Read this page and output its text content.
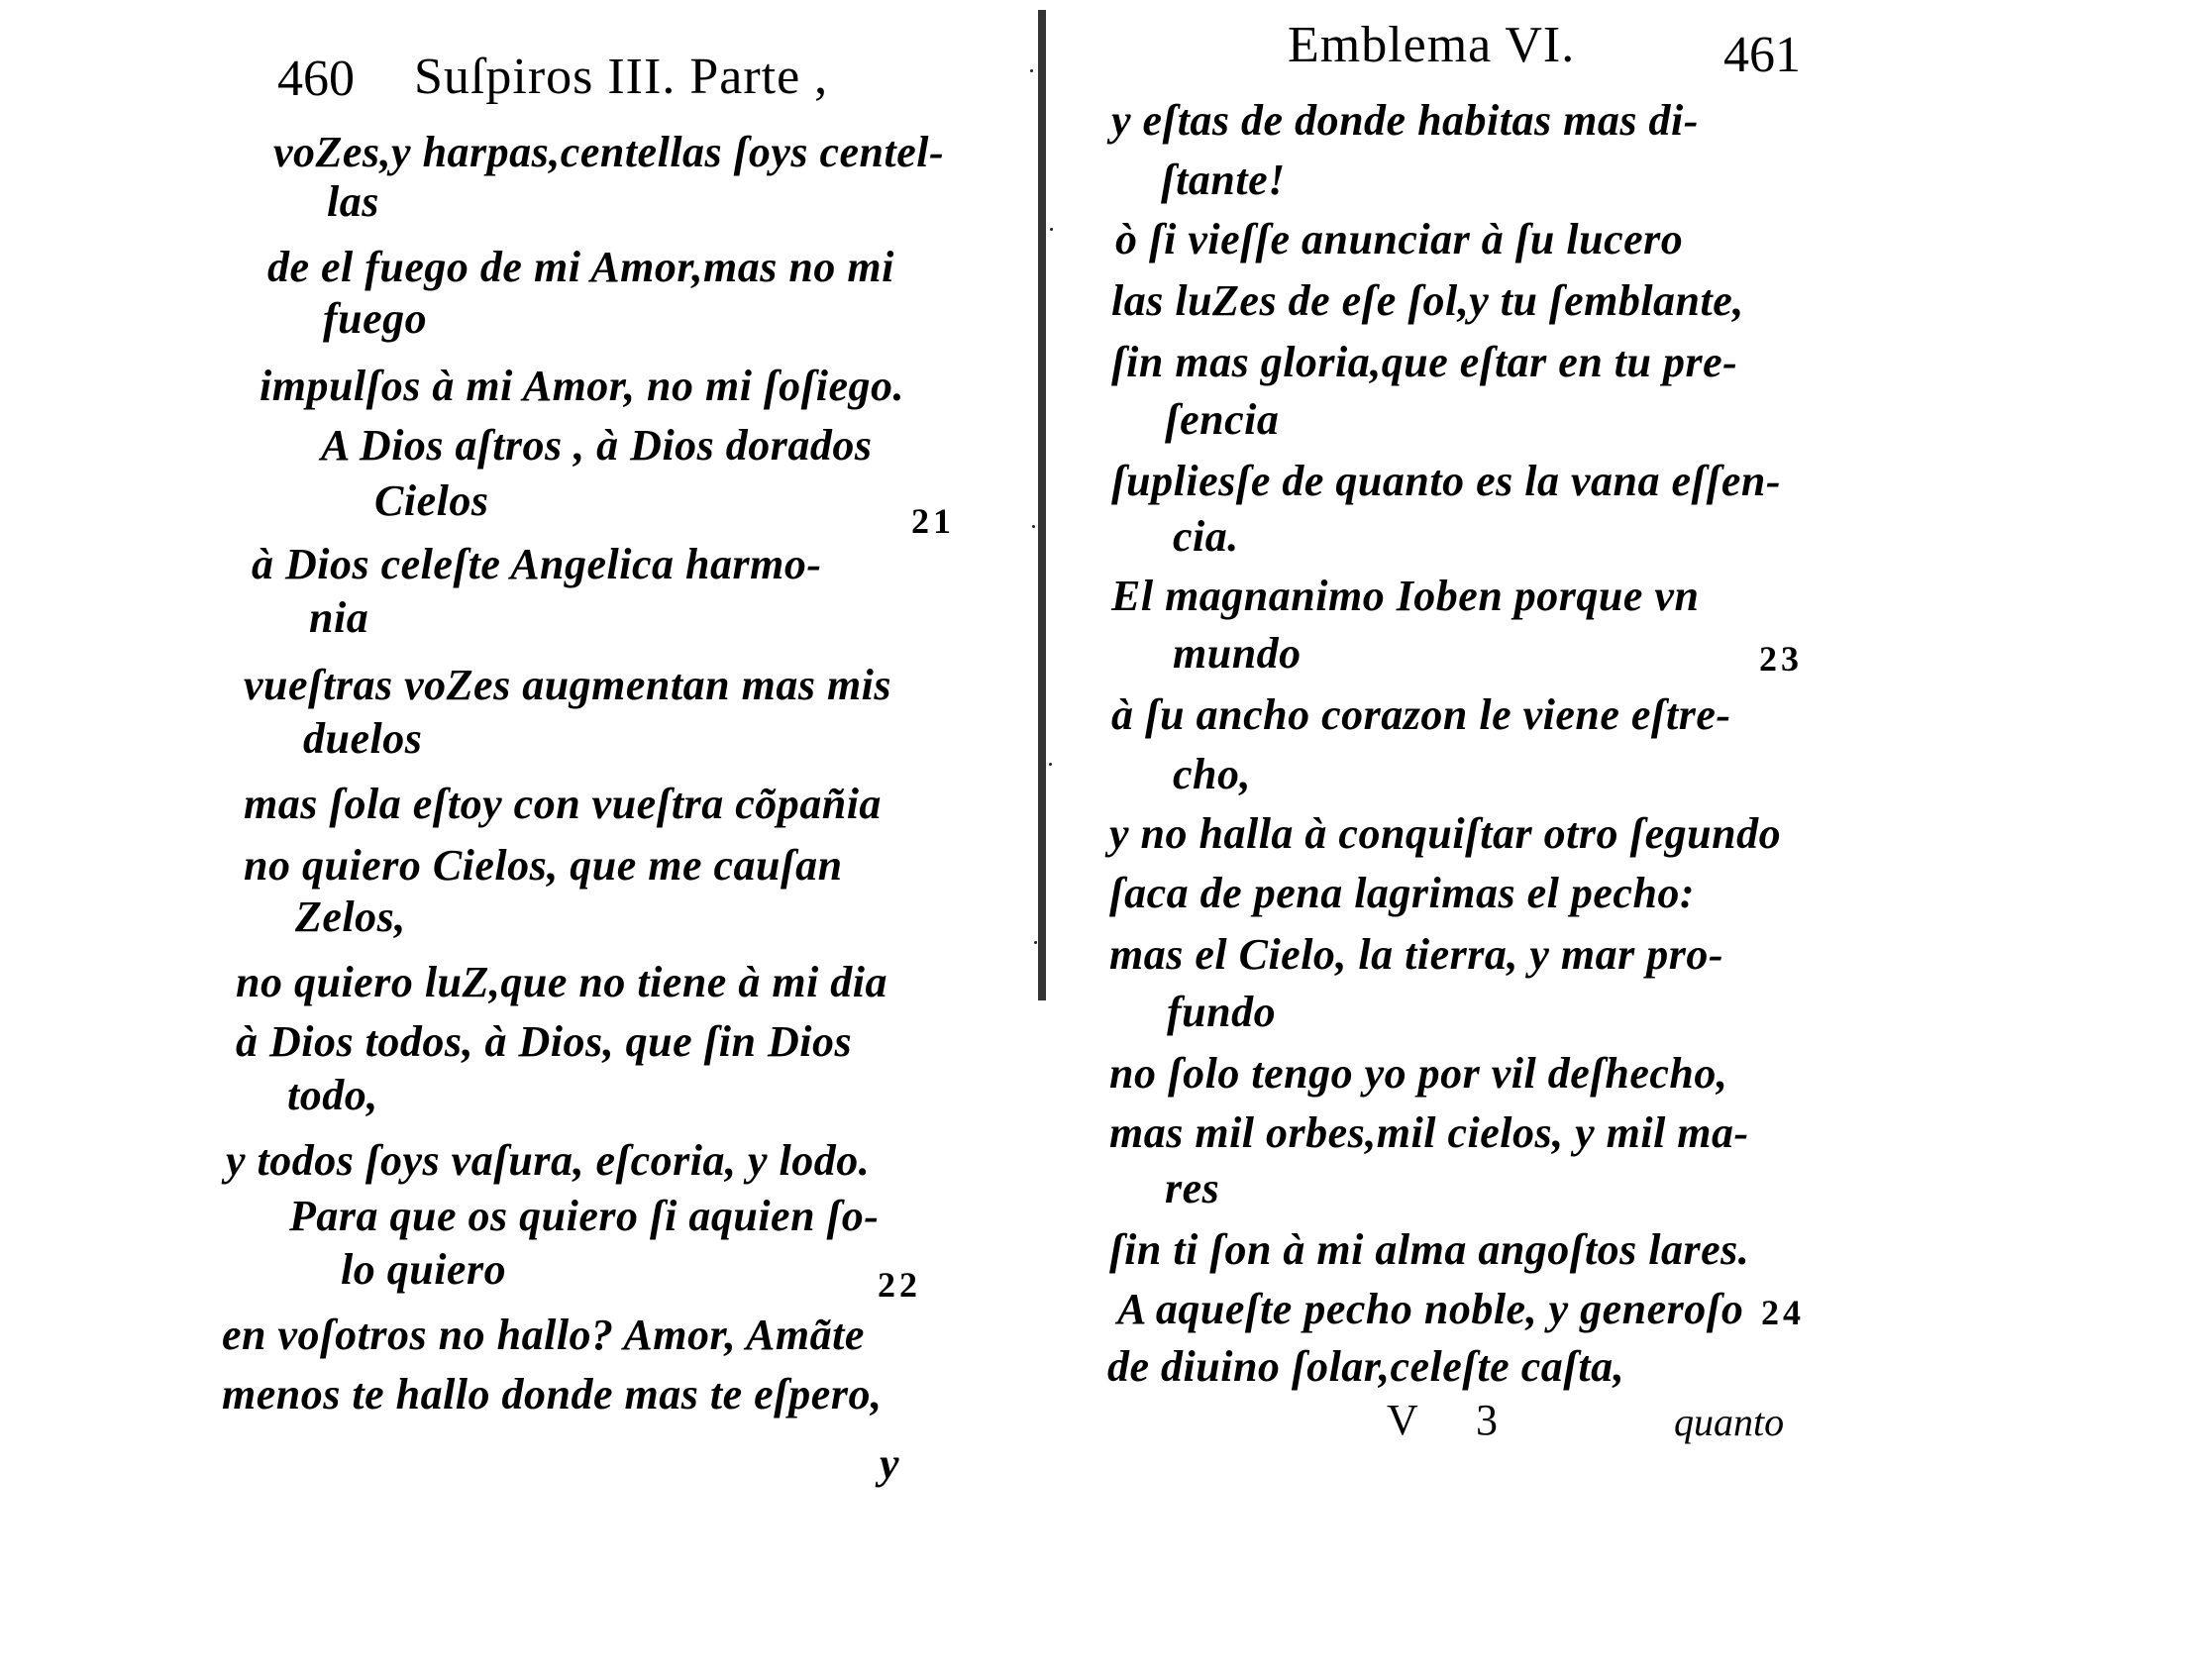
460 Suſpiros III. Parte ,
voZes,y harpas,centellas ſoys centel-
las
de el fuego de mi Amor,mas no mi
fuego
impulſos à mi Amor, no mi ſoſiego.
A Dios aſtros , à Dios dorados
Cielos	21
à Dios celeſte Angelica harmo-
nia
vueſtras voZes augmentan mas mis
duelos
mas ſola eſtoy con vueſtra cõpañia
no quiero Cielos, que me cauſan
Zelos,
no quiero luZ,que no tiene à mi dia
à Dios todos, à Dios, que ſin Dios
todo,
y todos ſoys vaſura, eſcoria, y lodo.
Para que os quiero ſi aquien ſo-
lo quiero	22
en voſotros no hallo? Amor, Amãte
menos te hallo donde mas te eſpero,
y
Emblema VI.	461
y eſtas de donde habitas mas di-
ſtante!
ò ſi vieſſe anunciar à ſu lucero
las luZes de eſe ſol,y tu ſemblante,
ſin mas gloria,que eſtar en tu pre-
ſencia
ſupliesſe de quanto es la vana eſſen-
cia.
El magnanimo Ioben porque vn
mundo	23
à ſu ancho corazon le viene eſtre-
cho,
y no halla à conquiſtar otro ſegundo
ſaca de pena lagrimas el pecho:
mas el Cielo, la tierra, y mar pro-
fundo
no ſolo tengo yo por vil deſhecho,
mas mil orbes,mil cielos, y mil ma-
res
ſin ti ſon à mi alma angoſtos lares.
A aqueſte pecho noble, y generoſo 24
de diuino ſolar,celeſte caſta,
V 3	quanto
